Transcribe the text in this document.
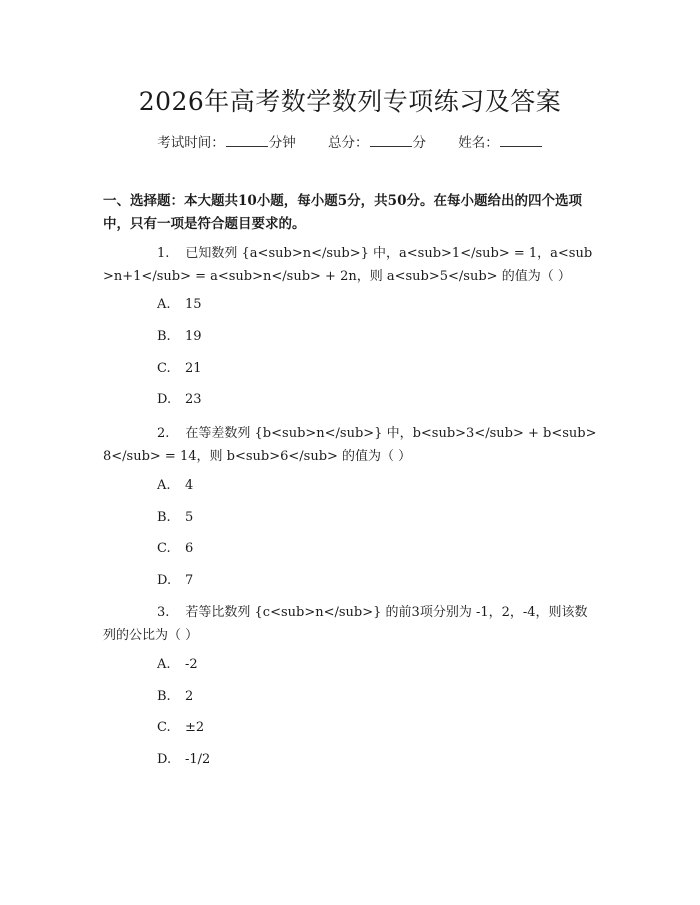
2026年高考数学数列专项练习及答案
考试时间：	分钟 总分：	分 姓名：
一、选择题：本大题共10小题，每小题5分，共50分。在每小题给出的四个选项中，只有一项是符合题目要求的。
1. 已知数列 {a<sub>n</sub>} 中，a<sub>1</sub> = 1，a<sub>n+1</sub> = a<sub>n</sub> + 2n，则 a<sub>5</sub> 的值为（ ）
A. 15
B. 19
C. 21
D. 23
2. 在等差数列 {b<sub>n</sub>} 中，b<sub>3</sub> + b<sub>8</sub> = 14，则 b<sub>6</sub> 的值为（ ）
A. 4
B. 5
C. 6
D. 7
3. 若等比数列 {c<sub>n</sub>} 的前3项分别为 -1，2，-4，则该数列的公比为（ ）
A. -2
B. 2
C. ±2
D. -1/2
